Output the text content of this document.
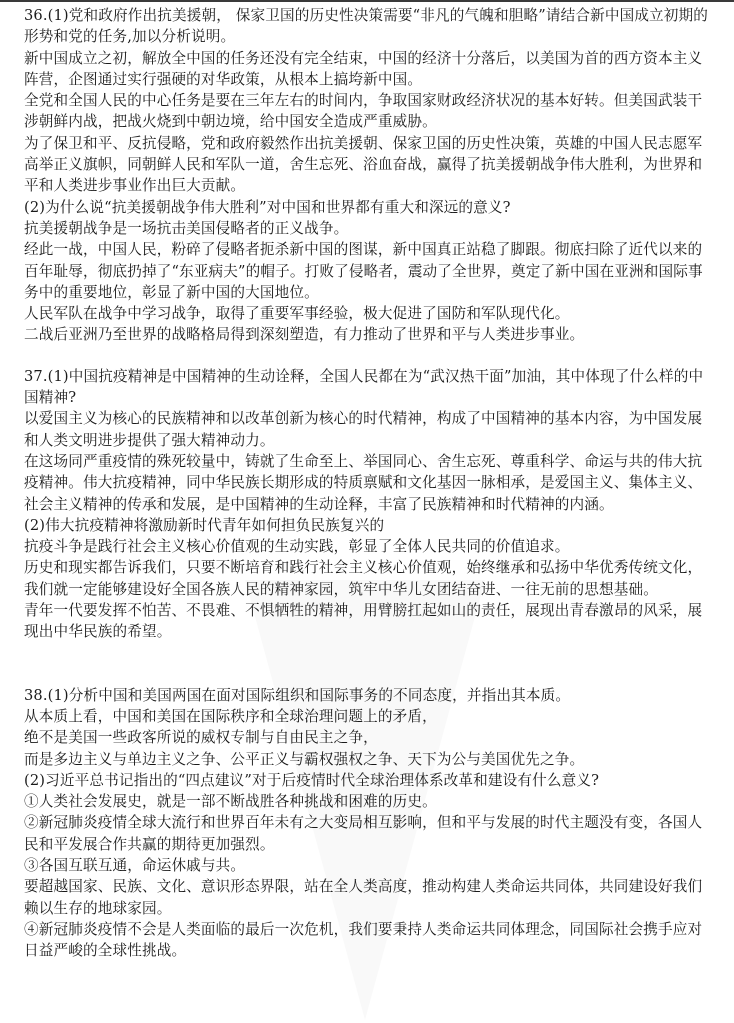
36.(1)党和政府作出抗美援朝， 保家卫国的历史性决策需要“非凡的气魄和胆略”请结合新中国成立初期的形势和党的任务,加以分析说明。

新中国成立之初，解放全中国的任务还没有完全结束，中国的经济十分落后，以美国为首的西方资本主义阵营，企图通过实行强硬的对华政策，从根本上搞垮新中国。

全党和全国人民的中心任务是要在三年左右的时间内，争取国家财政经济状况的基本好转。但美国武装干涉朝鲜内战，把战火烧到中朝边境，给中国安全造成严重威胁。

为了保卫和平、反抗侵略，党和政府毅然作出抗美援朝、保家卫国的历史性决策，英雄的中国人民志愿军高举正义旗帜，同朝鲜人民和军队一道，舍生忘死、浴血奋战，赢得了抗美援朝战争伟大胜利，为世界和平和人类进步事业作出巨大贡献。

(2)为什么说“抗美援朝战争伟大胜利”对中国和世界都有重大和深远的意义?

抗美援朝战争是一场抗击美国侵略者的正义战争。

经此一战，中国人民，粉碎了侵略者扼杀新中国的图谋，新中国真正站稳了脚跟。彻底扫除了近代以来的百年耻辱，彻底扔掉了“东亚病夫”的帽子。打败了侵略者，震动了全世界，奠定了新中国在亚洲和国际事务中的重要地位，彰显了新中国的大国地位。

人民军队在战争中学习战争，取得了重要军事经验，极大促进了国防和军队现代化。

二战后亚洲乃至世界的战略格局得到深刻塑造，有力推动了世界和平与人类进步事业。

37.(1)中国抗疫精神是中国精神的生动诠释，全国人民都在为“武汉热干面”加油，其中体现了什么样的中国精神?

以爱国主义为核心的民族精神和以改革创新为核心的时代精神，构成了中国精神的基本内容，为中国发展和人类文明进步提供了强大精神动力。

在这场同严重疫情的殊死较量中，铸就了生命至上、举国同心、舍生忘死、尊重科学、命运与共的伟大抗疫精神。伟大抗疫精神，同中华民族长期形成的特质禀赋和文化基因一脉相承，是爱国主义、集体主义、社会主义精神的传承和发展，是中国精神的生动诠释，丰富了民族精神和时代精神的内涵。

(2)伟大抗疫精神将激励新时代青年如何担负民族复兴的

抗疫斗争是践行社会主义核心价值观的生动实践，彰显了全体人民共同的价值追求。

历史和现实都告诉我们，只要不断培育和践行社会主义核心价值观，始终继承和弘扬中华优秀传统文化，我们就一定能够建设好全国各族人民的精神家园，筑牢中华儿女团结奋进、一往无前的思想基础。

青年一代要发挥不怕苦、不畏难、不惧牺牲的精神，用臂膀扛起如山的责任，展现出青春激昂的风采，展现出中华民族的希望。

38.(1)分析中国和美国两国在面对国际组织和国际事务的不同态度，并指出其本质。

从本质上看，中国和美国在国际秩序和全球治理问题上的矛盾，

绝不是美国一些政客所说的威权专制与自由民主之争，

而是多边主义与单边主义之争、公平正义与霸权强权之争、天下为公与美国优先之争。

(2)习近平总书记指出的“四点建议”对于后疫情时代全球治理体系改革和建设有什么意义?

①人类社会发展史，就是一部不断战胜各种挑战和困难的历史。

②新冠肺炎疫情全球大流行和世界百年未有之大变局相互影响，但和平与发展的时代主题没有变，各国人民和平发展合作共赢的期待更加强烈。

③各国互联互通，命运休戚与共。

要超越国家、民族、文化、意识形态界限，站在全人类高度，推动构建人类命运共同体，共同建设好我们赖以生存的地球家园。

④新冠肺炎疫情不会是人类面临的最后一次危机，我们要秉持人类命运共同体理念，同国际社会携手应对日益严峻的全球性挑战。
